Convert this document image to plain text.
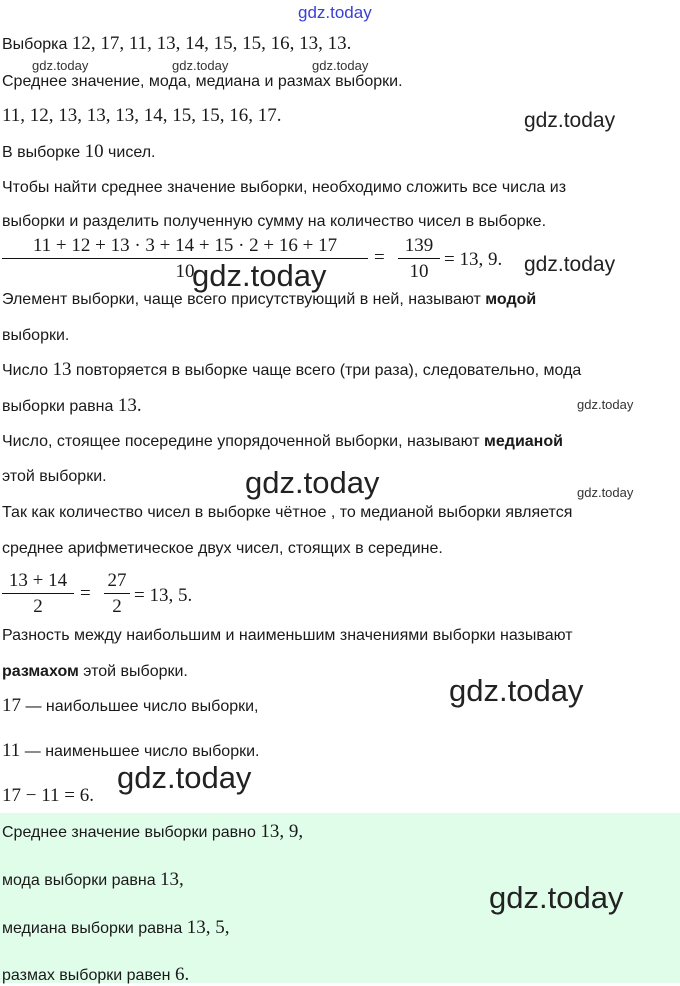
gdz.today
Выборка 12, 17, 11, 13, 14, 15, 15, 16, 13, 13.
gdz.today	gdz.today	gdz.today
Среднее значение, мода, медиана и размах выборки.
11, 12, 13, 13, 13, 14, 15, 15, 16, 17.	gdz.today
В выборке 10 чисел.
Чтобы найти среднее значение выборки, необходимо сложить все числа из
выборки и разделить полученную сумму на количество чисел в выборке.
11 + 12 + 13 · 3 + 14 + 15 · 2 + 16 + 17
10
=
139
10
= 13, 9.
gdz.today	gdz.today
Элемент выборки, чаще всего присутствующий в ней, называют модой
выборки.
Число 13 повторяется в выборке чаще всего (три раза), следовательно, мода
выборки равна 13.	gdz.today
Число, стоящее посередине упорядоченной выборки, называют медианой
этой выборки.	gdz.today	gdz.today
Так как количество чисел в выборке чётное , то медианой выборки является
среднее арифметическое двух чисел, стоящих в середине.
13 + 14
2
=
27
2
= 13, 5.
Разность между наибольшим и наименьшим значениями выборки называют
размахом этой выборки.
gdz.today
17 — наибольшее число выборки,
11 — наименьшее число выборки.
17 − 11 = 6.
gdz.today
Среднее значение выборки равно 13, 9,
мода выборки равна 13,
медиана выборки равна 13, 5,
размах выборки равен 6.
gdz.today
